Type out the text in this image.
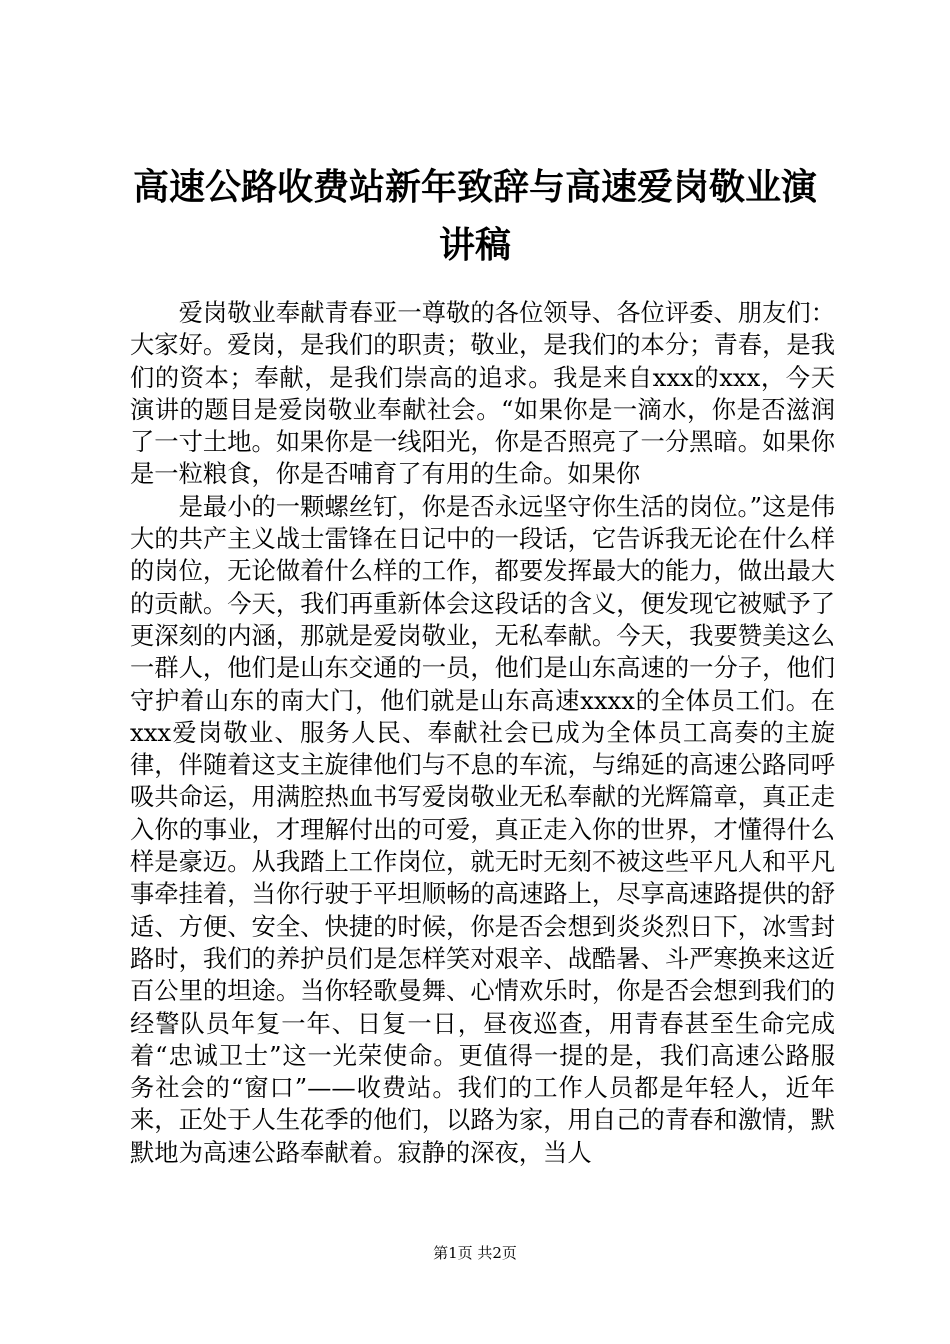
高速公路收费站新年致辞与高速爱岗敬业演讲稿

爱岗敬业奉献青春亚一尊敬的各位领导、各位评委、朋友们：大家好。爱岗，是我们的职责；敬业，是我们的本分；青春，是我们的资本；奉献，是我们崇高的追求。我是来自xxx的xxx，今天演讲的题目是爱岗敬业奉献社会。“如果你是一滴水，你是否滋润了一寸土地。如果你是一线阳光，你是否照亮了一分黑暗。如果你是一粒粮食，你是否哺育了有用的生命。如果你

是最小的一颗螺丝钉，你是否永远坚守你生活的岗位。”这是伟大的共产主义战士雷锋在日记中的一段话，它告诉我无论在什么样的岗位，无论做着什么样的工作，都要发挥最大的能力，做出最大的贡献。今天，我们再重新体会这段话的含义，便发现它被赋予了更深刻的内涵，那就是爱岗敬业，无私奉献。今天，我要赞美这么一群人，他们是山东交通的一员，他们是山东高速的一分子，他们守护着山东的南大门，他们就是山东高速xxxx的全体员工们。在xxx爱岗敬业、服务人民、奉献社会已成为全体员工高奏的主旋律，伴随着这支主旋律他们与不息的车流，与绵延的高速公路同呼吸共命运，用满腔热血书写爱岗敬业无私奉献的光辉篇章，真正走入你的事业，才理解付出的可爱，真正走入你的世界，才懂得什么样是豪迈。从我踏上工作岗位，就无时无刻不被这些平凡人和平凡事牵挂着，当你行驶于平坦顺畅的高速路上，尽享高速路提供的舒适、方便、安全、快捷的时候，你是否会想到炎炎烈日下，冰雪封路时，我们的养护员们是怎样笑对艰辛、战酷暑、斗严寒换来这近百公里的坦途。当你轻歌曼舞、心情欢乐时，你是否会想到我们的经警队员年复一年、日复一日，昼夜巡查，用青春甚至生命完成着“忠诚卫士”这一光荣使命。更值得一提的是，我们高速公路服务社会的“窗口”——收费站。我们的工作人员都是年轻人，近年来，正处于人生花季的他们，以路为家，用自己的青春和激情，默默地为高速公路奉献着。寂静的深夜，当人

第1页 共2页
